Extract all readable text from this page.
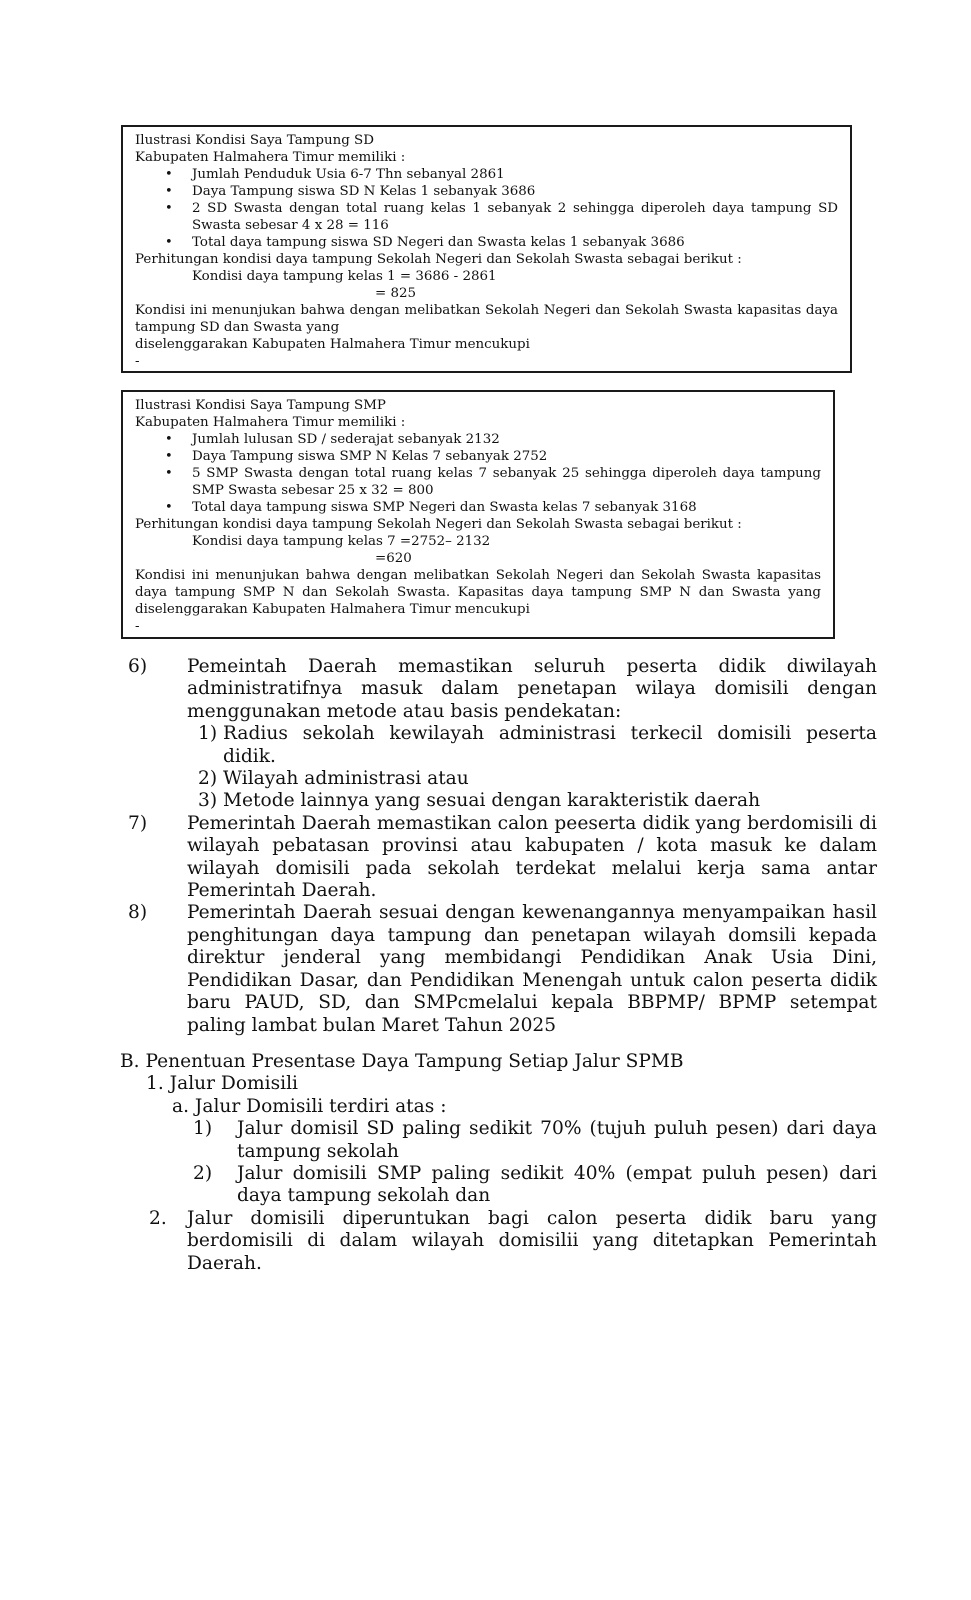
Ilustrasi Kondisi Saya Tampung SD

Kabupaten Halmahera Timur memiliki :

• Jumlah Penduduk Usia 6-7 Thn sebanyal 2861
• Daya Tampung siswa SD N Kelas 1 sebanyak 3686
• 2 SD Swasta dengan total ruang kelas 1 sebanyak 2 sehingga diperoleh daya tampung SD Swasta sebesar 4 x 28 = 116
• Total daya tampung siswa SD Negeri dan Swasta kelas 1 sebanyak 3686

Perhitungan kondisi daya tampung Sekolah Negeri dan Sekolah Swasta sebagai berikut :

Kondisi daya tampung kelas 1 = 3686 - 2861

= 825

Kondisi ini menunjukan bahwa dengan melibatkan Sekolah Negeri dan Sekolah Swasta kapasitas daya tampung SD dan Swasta yang

diselenggarakan Kabupaten Halmahera Timur mencukupi

-

Ilustrasi Kondisi Saya Tampung SMP

Kabupaten Halmahera Timur memiliki :

• Jumlah lulusan SD / sederajat sebanyak 2132
• Daya Tampung siswa SMP N Kelas 7 sebanyak 2752
• 5 SMP Swasta dengan total ruang kelas 7 sebanyak 25 sehingga diperoleh daya tampung SMP Swasta sebesar 25 x 32 = 800
• Total daya tampung siswa SMP Negeri dan Swasta kelas 7 sebanyak 3168

Perhitungan kondisi daya tampung Sekolah Negeri dan Sekolah Swasta sebagai berikut :

Kondisi daya tampung kelas 7 =2752– 2132

=620

Kondisi ini menunjukan bahwa dengan melibatkan Sekolah Negeri dan Sekolah Swasta kapasitas daya tampung SMP N dan Sekolah Swasta. Kapasitas daya tampung SMP N dan Swasta yang diselenggarakan Kabupaten Halmahera Timur mencukupi

-

6) Pemeintah Daerah memastikan seluruh peserta didik diwilayah administratifnya masuk dalam penetapan wilaya domisili dengan menggunakan metode atau basis pendekatan:
1) Radius sekolah kewilayah administrasi terkecil domisili peserta didik.
2) Wilayah administrasi atau
3) Metode lainnya yang sesuai dengan karakteristik daerah
7) Pemerintah Daerah memastikan calon peeserta didik yang berdomisili di wilayah pebatasan provinsi atau kabupaten / kota masuk ke dalam wilayah domisili pada sekolah terdekat melalui kerja sama antar Pemerintah Daerah.
8) Pemerintah Daerah sesuai dengan kewenangannya menyampaikan hasil penghitungan daya tampung dan penetapan wilayah domsili kepada direktur jenderal yang membidangi Pendidikan Anak Usia Dini, Pendidikan Dasar, dan Pendidikan Menengah untuk calon peserta didik baru PAUD, SD, dan SMPcmelalui kepala BBPMP/ BPMP setempat paling lambat bulan Maret Tahun 2025
B. Penentuan Presentase Daya Tampung Setiap Jalur SPMB
1. Jalur Domisili
a. Jalur Domisili terdiri atas :
1) Jalur domisil SD paling sedikit 70% (tujuh puluh pesen) dari daya tampung sekolah
2) Jalur domisili SMP paling sedikit 40% (empat puluh pesen) dari daya tampung sekolah dan
2. Jalur domisili diperuntukan bagi calon peserta didik baru yang berdomisili di dalam wilayah domisilii yang ditetapkan Pemerintah Daerah.
